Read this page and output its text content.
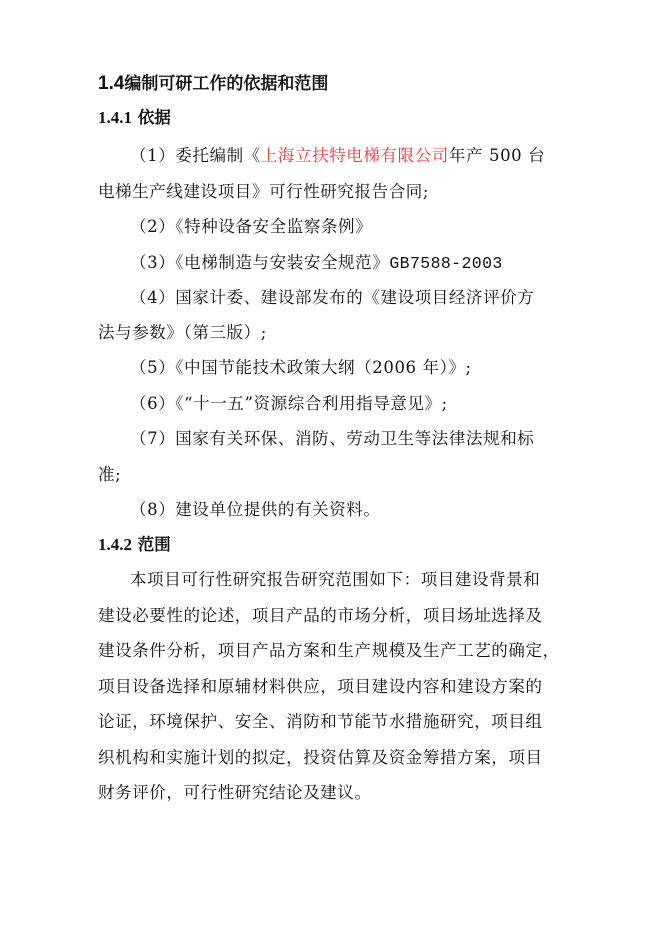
1.4编制可研工作的依据和范围
1.4.1 依据
（1）委托编制《上海立扶特电梯有限公司年产 500 台
电梯生产线建设项目》可行性研究报告合同;
（2）《特种设备安全监察条例》
（3）《电梯制造与安装安全规范》GB7588-2003
（4）国家计委、建设部发布的《建设项目经济评价方
法与参数》（第三版）;
（5）《中国节能技术政策大纲（2006 年）》;
（6）《“十一五”资源综合利用指导意见》;
（7）国家有关环保、消防、劳动卫生等法律法规和标
准;
（8）建设单位提供的有关资料。
1.4.2 范围
本项目可行性研究报告研究范围如下：项目建设背景和
建设必要性的论述，项目产品的市场分析，项目场址选择及
建设条件分析，项目产品方案和生产规模及生产工艺的确定，
项目设备选择和原辅材料供应，项目建设内容和建设方案的
论证，环境保护、安全、消防和节能节水措施研究，项目组
织机构和实施计划的拟定，投资估算及资金筹措方案，项目
财务评价，可行性研究结论及建议。
